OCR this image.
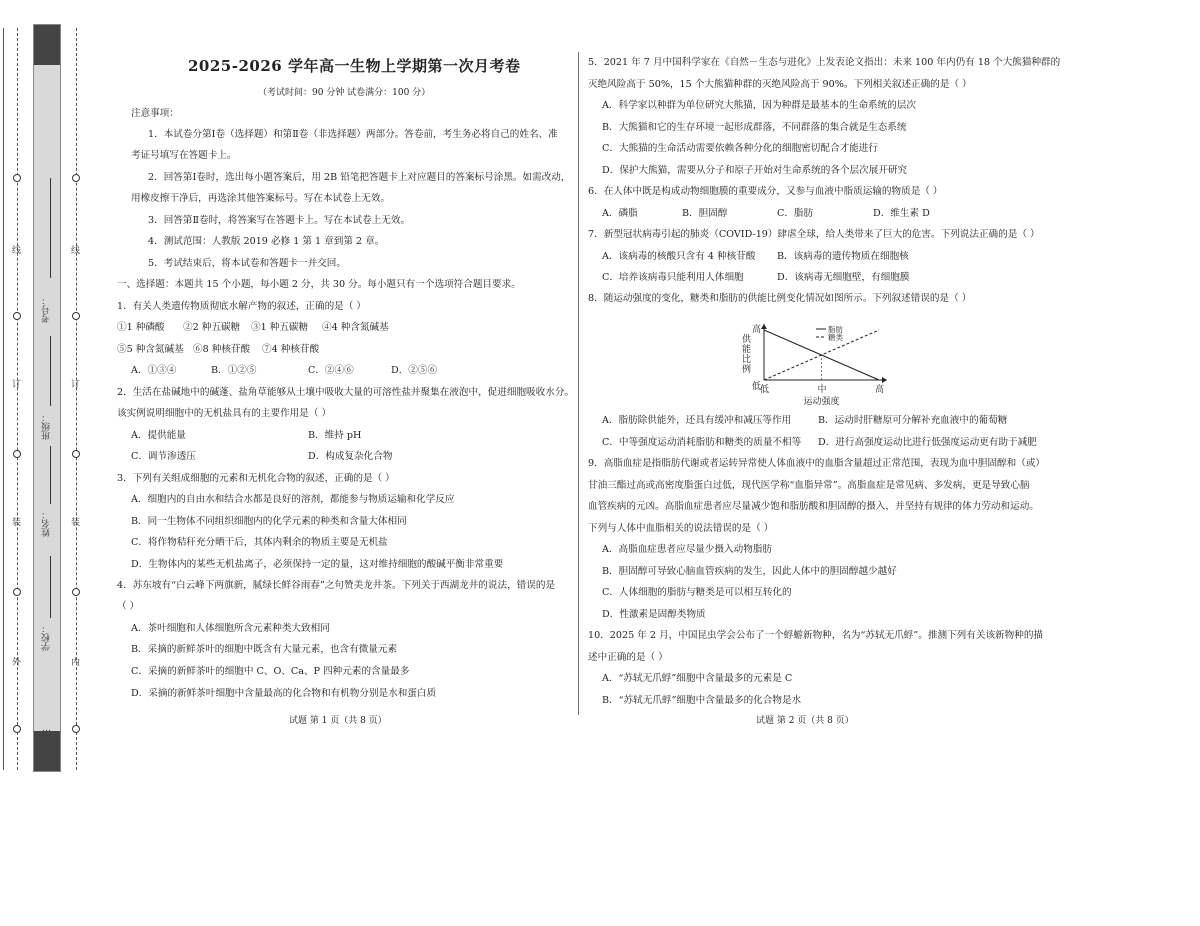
线
订
装
外
考号：
班级：
姓名：
学校：
…
线
订
装
内
2025-2026 学年高一生物上学期第一次月考卷
（考试时间：90 分钟 试卷满分：100 分）
注意事项：
1．本试卷分第Ⅰ卷（选择题）和第Ⅱ卷（非选择题）两部分。答卷前，考生务必将自己的姓名、准
考证号填写在答题卡上。
2．回答第Ⅰ卷时，选出每小题答案后，用 2B 铅笔把答题卡上对应题目的答案标号涂黑。如需改动，
用橡皮擦干净后，再选涂其他答案标号。写在本试卷上无效。
3．回答第Ⅱ卷时，将答案写在答题卡上。写在本试卷上无效。
4．测试范围：人教版 2019 必修 1 第 1 章到第 2 章。
5．考试结束后，将本试卷和答题卡一并交回。
一、选择题：本题共 15 个小题，每小题 2 分，共 30 分。每小题只有一个选项符合题目要求。
1．有关人类遗传物质彻底水解产物的叙述，正确的是（ ）
①1 种磷酸 ②2 种五碳糖 ③1 种五碳糖 ④4 种含氮碱基
⑤5 种含氮碱基 ⑥8 种核苷酸 ⑦4 种核苷酸
A．①③④	B．①②⑤	C．②④⑥	D．②⑤⑥
2．生活在盐碱地中的碱蓬、盐角草能够从土壤中吸收大量的可溶性盐并聚集在液泡中，促进细胞吸收水分。
该实例说明细胞中的无机盐具有的主要作用是（ ）
A．提供能量	B．维持 pH
C．调节渗透压	D．构成复杂化合物
3．下列有关组成细胞的元素和无机化合物的叙述，正确的是（ ）
A．细胞内的自由水和结合水都是良好的溶剂，都能参与物质运输和化学反应
B．同一生物体不同组织细胞内的化学元素的种类和含量大体相同
C．将作物秸秆充分晒干后，其体内剩余的物质主要是无机盐
D．生物体内的某些无机盐离子，必须保持一定的量，这对维持细胞的酸碱平衡非常重要
4．苏东坡有“白云峰下两旗新，腻绿长鲜谷雨春”之句赞美龙井茶。下列关于西湖龙井的说法，错误的是
（ ）
A．茶叶细胞和人体细胞所含元素种类大致相同
B．采摘的新鲜茶叶的细胞中既含有大量元素，也含有微量元素
C．采摘的新鲜茶叶的细胞中 C、O、Ca、P 四种元素的含量最多
D．采摘的新鲜茶叶细胞中含量最高的化合物和有机物分别是水和蛋白质
试题 第 1 页（共 8 页）
5．2021 年 7 月中国科学家在《自然－生态与进化》上发表论文指出：未来 100 年内仍有 18 个大熊猫种群的
灭绝风险高于 50%，15 个大熊猫种群的灭绝风险高于 90%。下列相关叙述正确的是（ ）
A．科学家以种群为单位研究大熊猫，因为种群是最基本的生命系统的层次
B．大熊猫和它的生存环境一起形成群落，不同群落的集合就是生态系统
C．大熊猫的生命活动需要依赖各种分化的细胞密切配合才能进行
D．保护大熊猫，需要从分子和原子开始对生命系统的各个层次展开研究
6．在人体中既是构成动物细胞膜的重要成分，又参与血液中脂质运输的物质是（ ）
A．磷脂	B．胆固醇	C．脂肪	D．维生素 D
7．新型冠状病毒引起的肺炎（COVID-19）肆虐全球，给人类带来了巨大的危害。下列说法正确的是（ ）
A．该病毒的核酸只含有 4 种核苷酸 B．该病毒的遗传物质在细胞核
C．培养该病毒只能利用人体细胞	D．该病毒无细胞壁，有细胞膜
8．随运动强度的变化，糖类和脂肪的供能比例变化情况如图所示。下列叙述错误的是（ ）
高
低
供
能
比
例
低	中	高
运动强度
脂肪
糖类
A．脂肪除供能外，还具有缓冲和减压等作用	B．运动时肝糖原可分解补充血液中的葡萄糖
C．中等强度运动消耗脂肪和糖类的质量不相等 D．进行高强度运动比进行低强度运动更有助于减肥
9．高脂血症是指脂肪代谢或者运转异常使人体血液中的血脂含量超过正常范围，表现为血中胆固醇和（或）
甘油三酯过高或高密度脂蛋白过低，现代医学称“血脂异常”。高脂血症是常见病、多发病，更是导致心脑
血管疾病的元凶。高脂血症患者应尽量减少饱和脂肪酸和胆固醇的摄入，并坚持有规律的体力劳动和运动。
下列与人体中血脂相关的说法错误的是（ ）
A．高脂血症患者应尽量少摄入动物脂肪
B．胆固醇可导致心脑血管疾病的发生，因此人体中的胆固醇越少越好
C．人体细胞的脂肪与糖类是可以相互转化的
D．性激素是固醇类物质
10．2025 年 2 月，中国昆虫学会公布了一个蜉蝣新物种，名为“苏轼无爪蜉”。推测下列有关该新物种的描
述中正确的是（ ）
A．“苏轼无爪蜉”细胞中含量最多的元素是 C
B．“苏轼无爪蜉”细胞中含量最多的化合物是水
试题 第 2 页（共 8 页）
